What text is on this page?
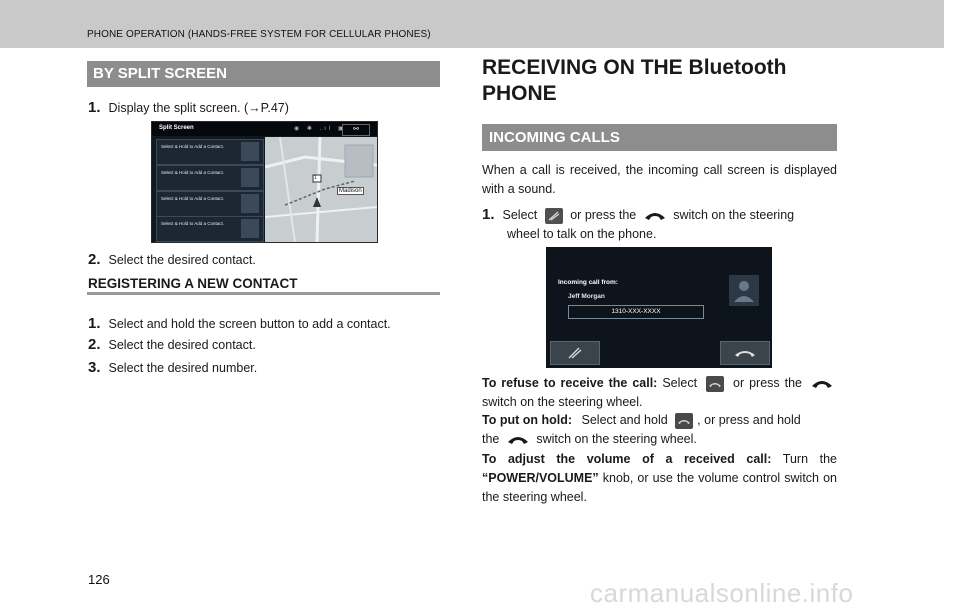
PHONE OPERATION (HANDS-FREE SYSTEM FOR CELLULAR PHONES)
BY SPLIT SCREEN
1. Display the split screen. (→P.47)
Split Screen	◉ ✱ .ıl ▣ ⚯
Select & Hold to Add a Contact.
Select & Hold to Add a Contact.
Select & Hold to Add a Contact.
Select & Hold to Add a Contact.
Madison
1
2. Select the desired contact.
REGISTERING A NEW CONTACT
1. Select and hold the screen button to add a contact.
2. Select the desired contact.
3. Select the desired number.
RECEIVING ON THE Bluetooth PHONE
INCOMING CALLS
When a call is received, the incoming call screen is displayed with a sound.
1. Select	or press the	switch on the steering
wheel to talk on the phone.
Incoming call from:
Jeff Morgan
1310-XXX-XXXX
To refuse to receive the call: Select	or press the  switch on the steering wheel.
To put on hold: Select and hold , or press and hold
the	switch on the steering wheel.
To adjust the volume of a received call: Turn the “POWER/VOLUME” knob, or use the volume control switch on the steering wheel.
126	carmanualsonline.info
